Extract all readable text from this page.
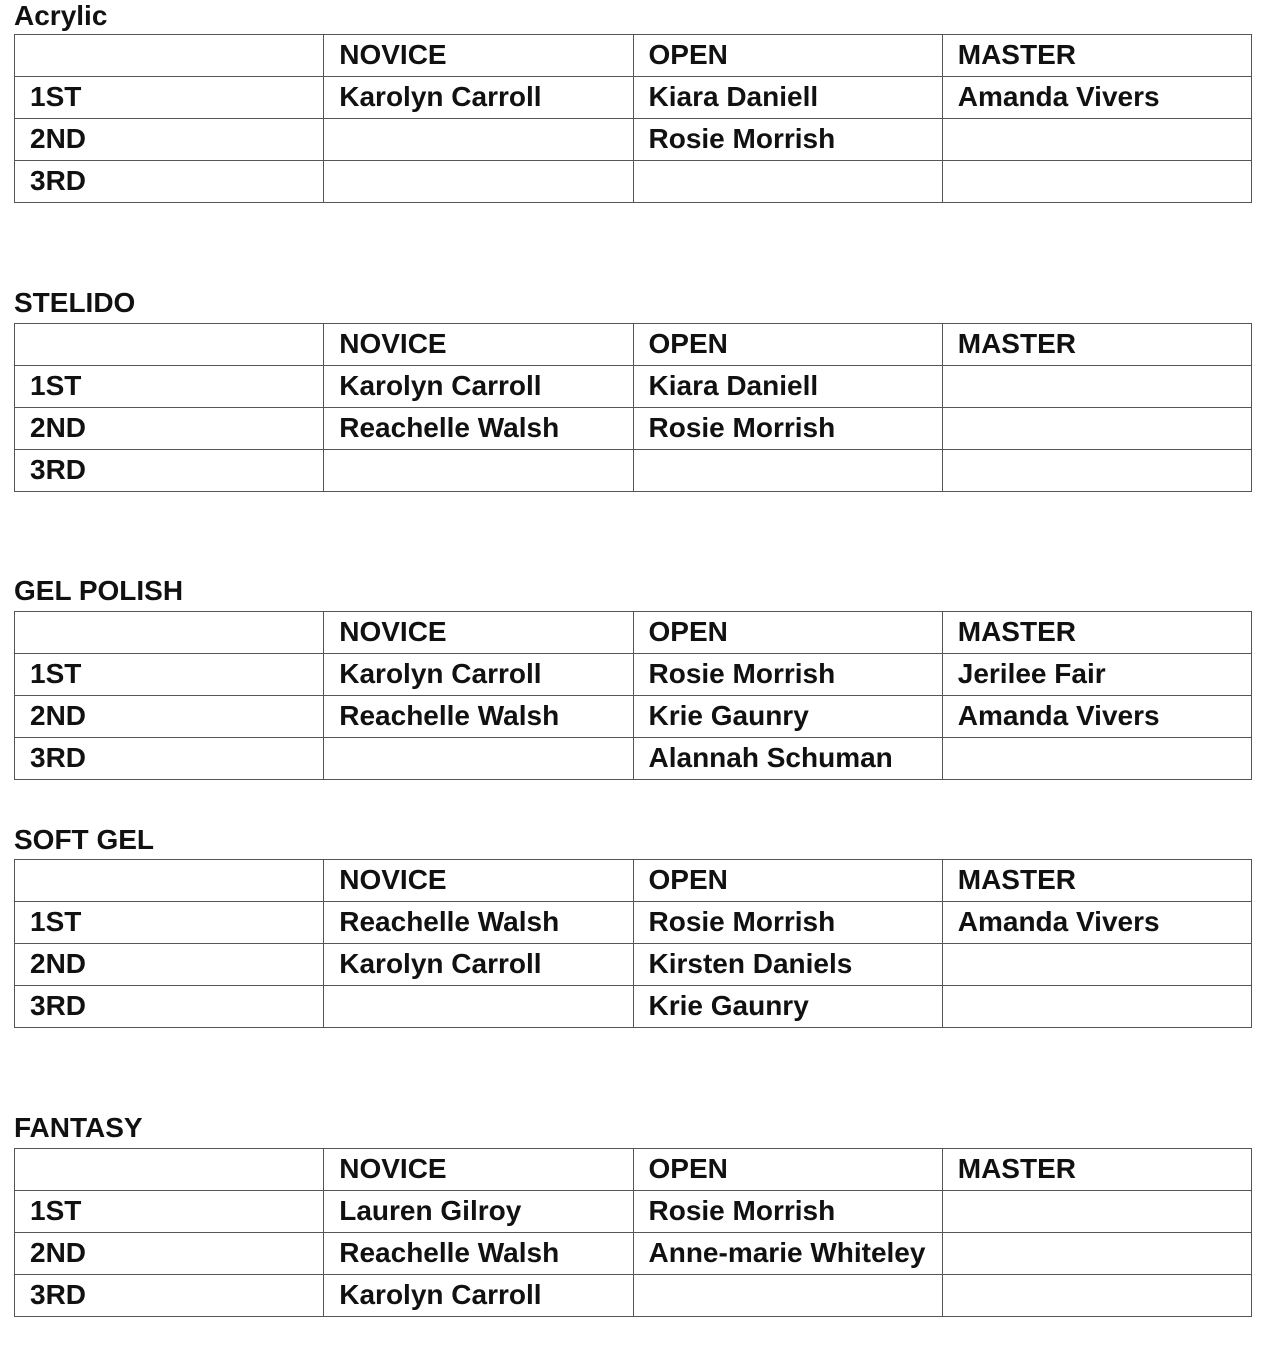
Acrylic
	NOVICE	OPEN	MASTER
1ST	Karolyn Carroll	Kiara Daniell	Amanda Vivers
2ND		Rosie Morrish	
3RD			
STELIDO
	NOVICE	OPEN	MASTER
1ST	Karolyn Carroll	Kiara Daniell	
2ND	Reachelle Walsh	Rosie Morrish	
3RD			
GEL POLISH
	NOVICE	OPEN	MASTER
1ST	Karolyn Carroll	Rosie Morrish	Jerilee Fair
2ND	Reachelle Walsh	Krie Gaunry	Amanda Vivers
3RD		Alannah Schuman	
SOFT GEL
	NOVICE	OPEN	MASTER
1ST	Reachelle Walsh	Rosie Morrish	Amanda Vivers
2ND	Karolyn Carroll	Kirsten Daniels	
3RD		Krie Gaunry	
FANTASY
	NOVICE	OPEN	MASTER
1ST	Lauren Gilroy	Rosie Morrish	
2ND	Reachelle Walsh	Anne-marie Whiteley	
3RD	Karolyn Carroll		
